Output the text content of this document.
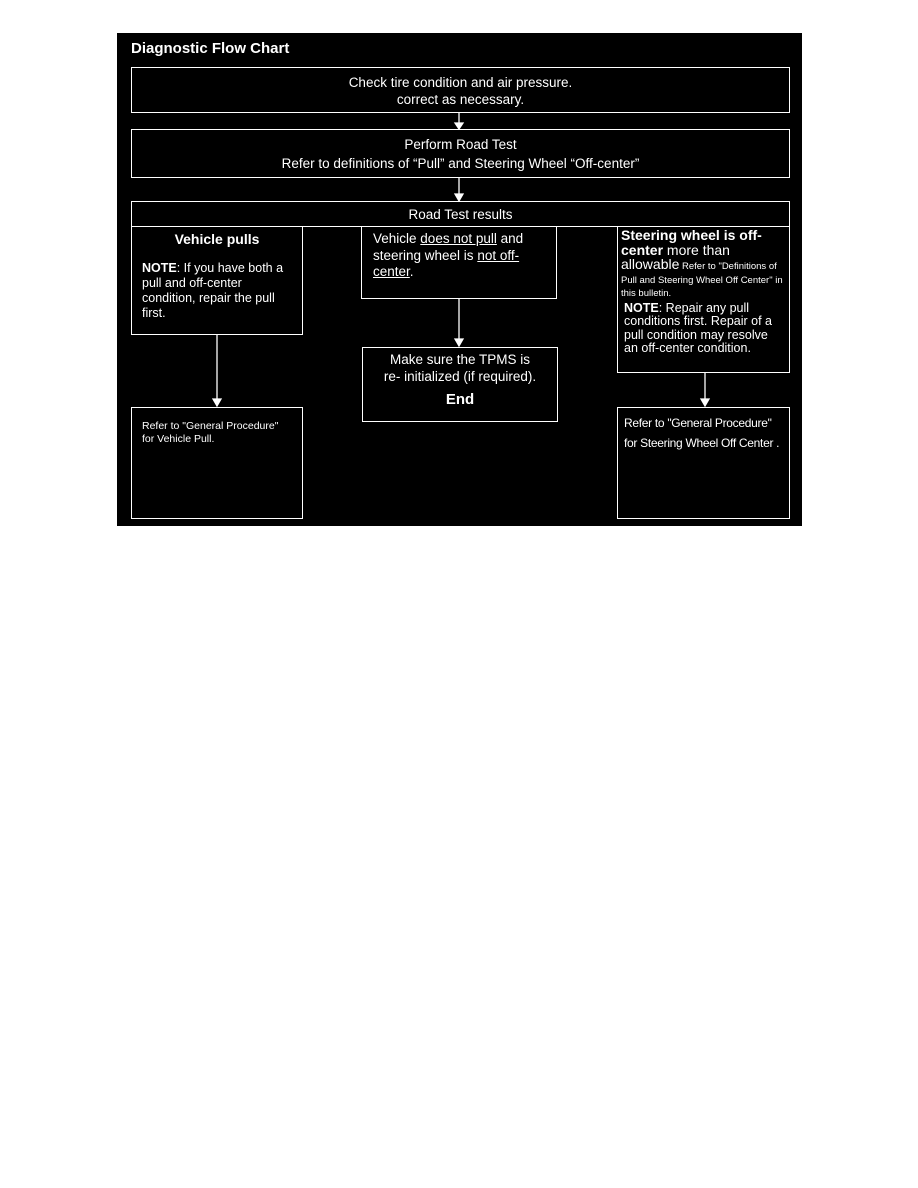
Diagnostic Flow Chart
Check tire condition and air pressure.
correct as necessary.
Perform Road Test
Refer to definitions of “Pull” and Steering Wheel “Off-center”
Road Test results
Vehicle pulls
NOTE: If you have both a pull and off-center condition, repair the pull first.
Vehicle does not pull and steering wheel is not off-center.
Steering wheel is off-center more than allowable Refer to "Definitions of Pull and Steering Wheel Off Center" in this bulletin.
NOTE: Repair any pull conditions first. Repair of a pull condition may resolve an off-center condition.
Make sure the TPMS is
re- initialized (if required).
End
Refer to "General Procedure"
for Vehicle Pull.
Refer to "General Procedure"
for Steering Wheel Off Center .
